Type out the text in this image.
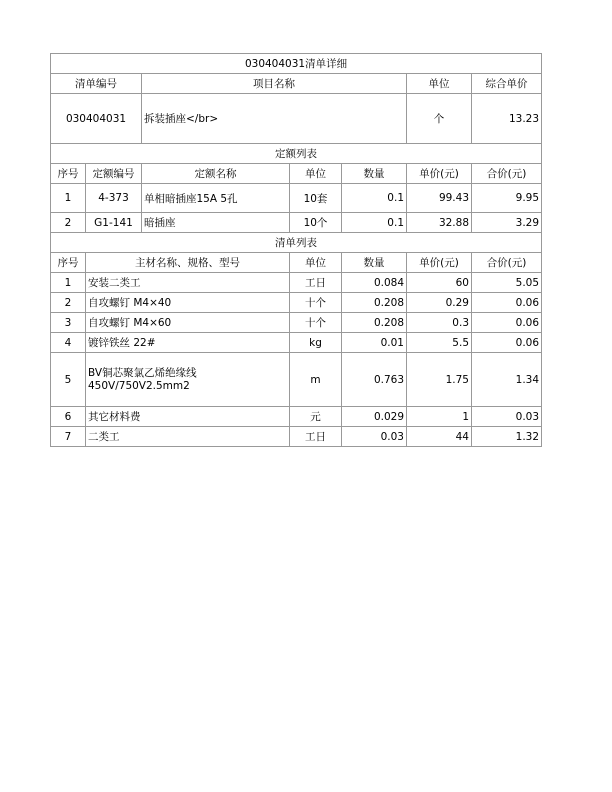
030404031清单详细						
清单编号		项目名称			单位	综合单价
030404031		拆装插座</br>			个	13.23
定额列表						
序号	定额编号	定额名称	单位	数量	单价(元)	合价(元)
1	4-373	单相暗插座15A 5孔	10套	0.1	99.43	9.95
2	G1-141	暗插座	10个	0.1	32.88	3.29
清单列表						
序号	主材名称、规格、型号		单位	数量	单价(元)	合价(元)
1	安装二类工		工日	0.084	60	5.05
2	自攻螺钉 M4×40		十个	0.208	0.29	0.06
3	自攻螺钉 M4×60		十个	0.208	0.3	0.06
4	镀锌铁丝 22#		kg	0.01	5.5	0.06
5	BV铜芯聚氯乙烯绝缘线 450V/750V2.5mm2		m	0.763	1.75	1.34
6	其它材料费		元	0.029	1	0.03
7	二类工		工日	0.03	44	1.32
